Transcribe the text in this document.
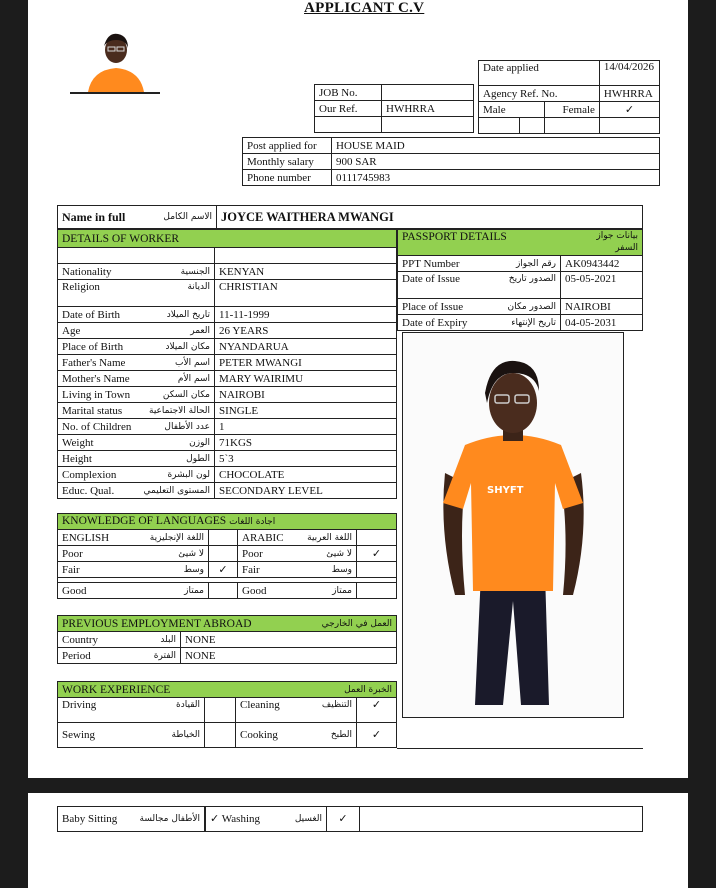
APPLICANT C.V
Date applied			14/04/2026
Agency Ref. No.			HWHRRA
Male		Female	✓

JOB No.	
Our Ref.	HWHRRA

Post applied for	HOUSE MAID
Monthly salary	900 SAR
Phone number	0111745983
Name in full	الاسم الكامل	JOYCE WAITHERA MWANGI
DETAILS OF WORKER	

Nationality الجنسية	KENYAN
Religion الديانة	CHRISTIAN
Date of Birth تاريخ الميلاد	11-11-1999
Age العمر	26 YEARS
Place of Birth مكان الميلاد	NYANDARUA
Father's Name اسم الأب	PETER MWANGI
Mother's Name اسم الأم	MARY WAIRIMU
Living in Town مكان السكن	NAIROBI
Marital status الحالة الاجتماعية	SINGLE
No. of Children عدد الأطفال	1
Weight الوزن	71KGS
Height الطول	5`3
Complexion لون البشرة	CHOCOLATE
Educ. Qual. المستوى التعليمي	SECONDARY LEVEL
PASSPORT DETAILS بيانات جواز السفر	

PPT Number رقم الجواز	AK0943442
Date of Issue الصدور تاريخ	05-05-2021
Place of Issue الصدور مكان	NAIROBI
Date of Expiry تاريخ الإنتهاء	04-05-2031
SHYFT
KNOWLEDGE OF LANGUAGES اجادة اللغات			
ENGLISH اللغة الإنجليزية		ARABIC اللغة العربية	

Poor لا شيئ		Poor لا شيئ	✓
Fair وسط	✓	Fair وسط	

Good ممتاز		Good ممتاز	

PREVIOUS EMPLOYMENT ABROAD العمل في الخارجي	

Country البلد	NONE
Period الفترة	NONE
WORK EXPERIENCE الخبرة العمل			

Driving القيادة		Cleaning التنظيف	✓
Sewing الخياطة		Cooking الطبخ	✓
Baby Sitting الأطفال مجالسة		✓ Washing	الغسيل	✓	
